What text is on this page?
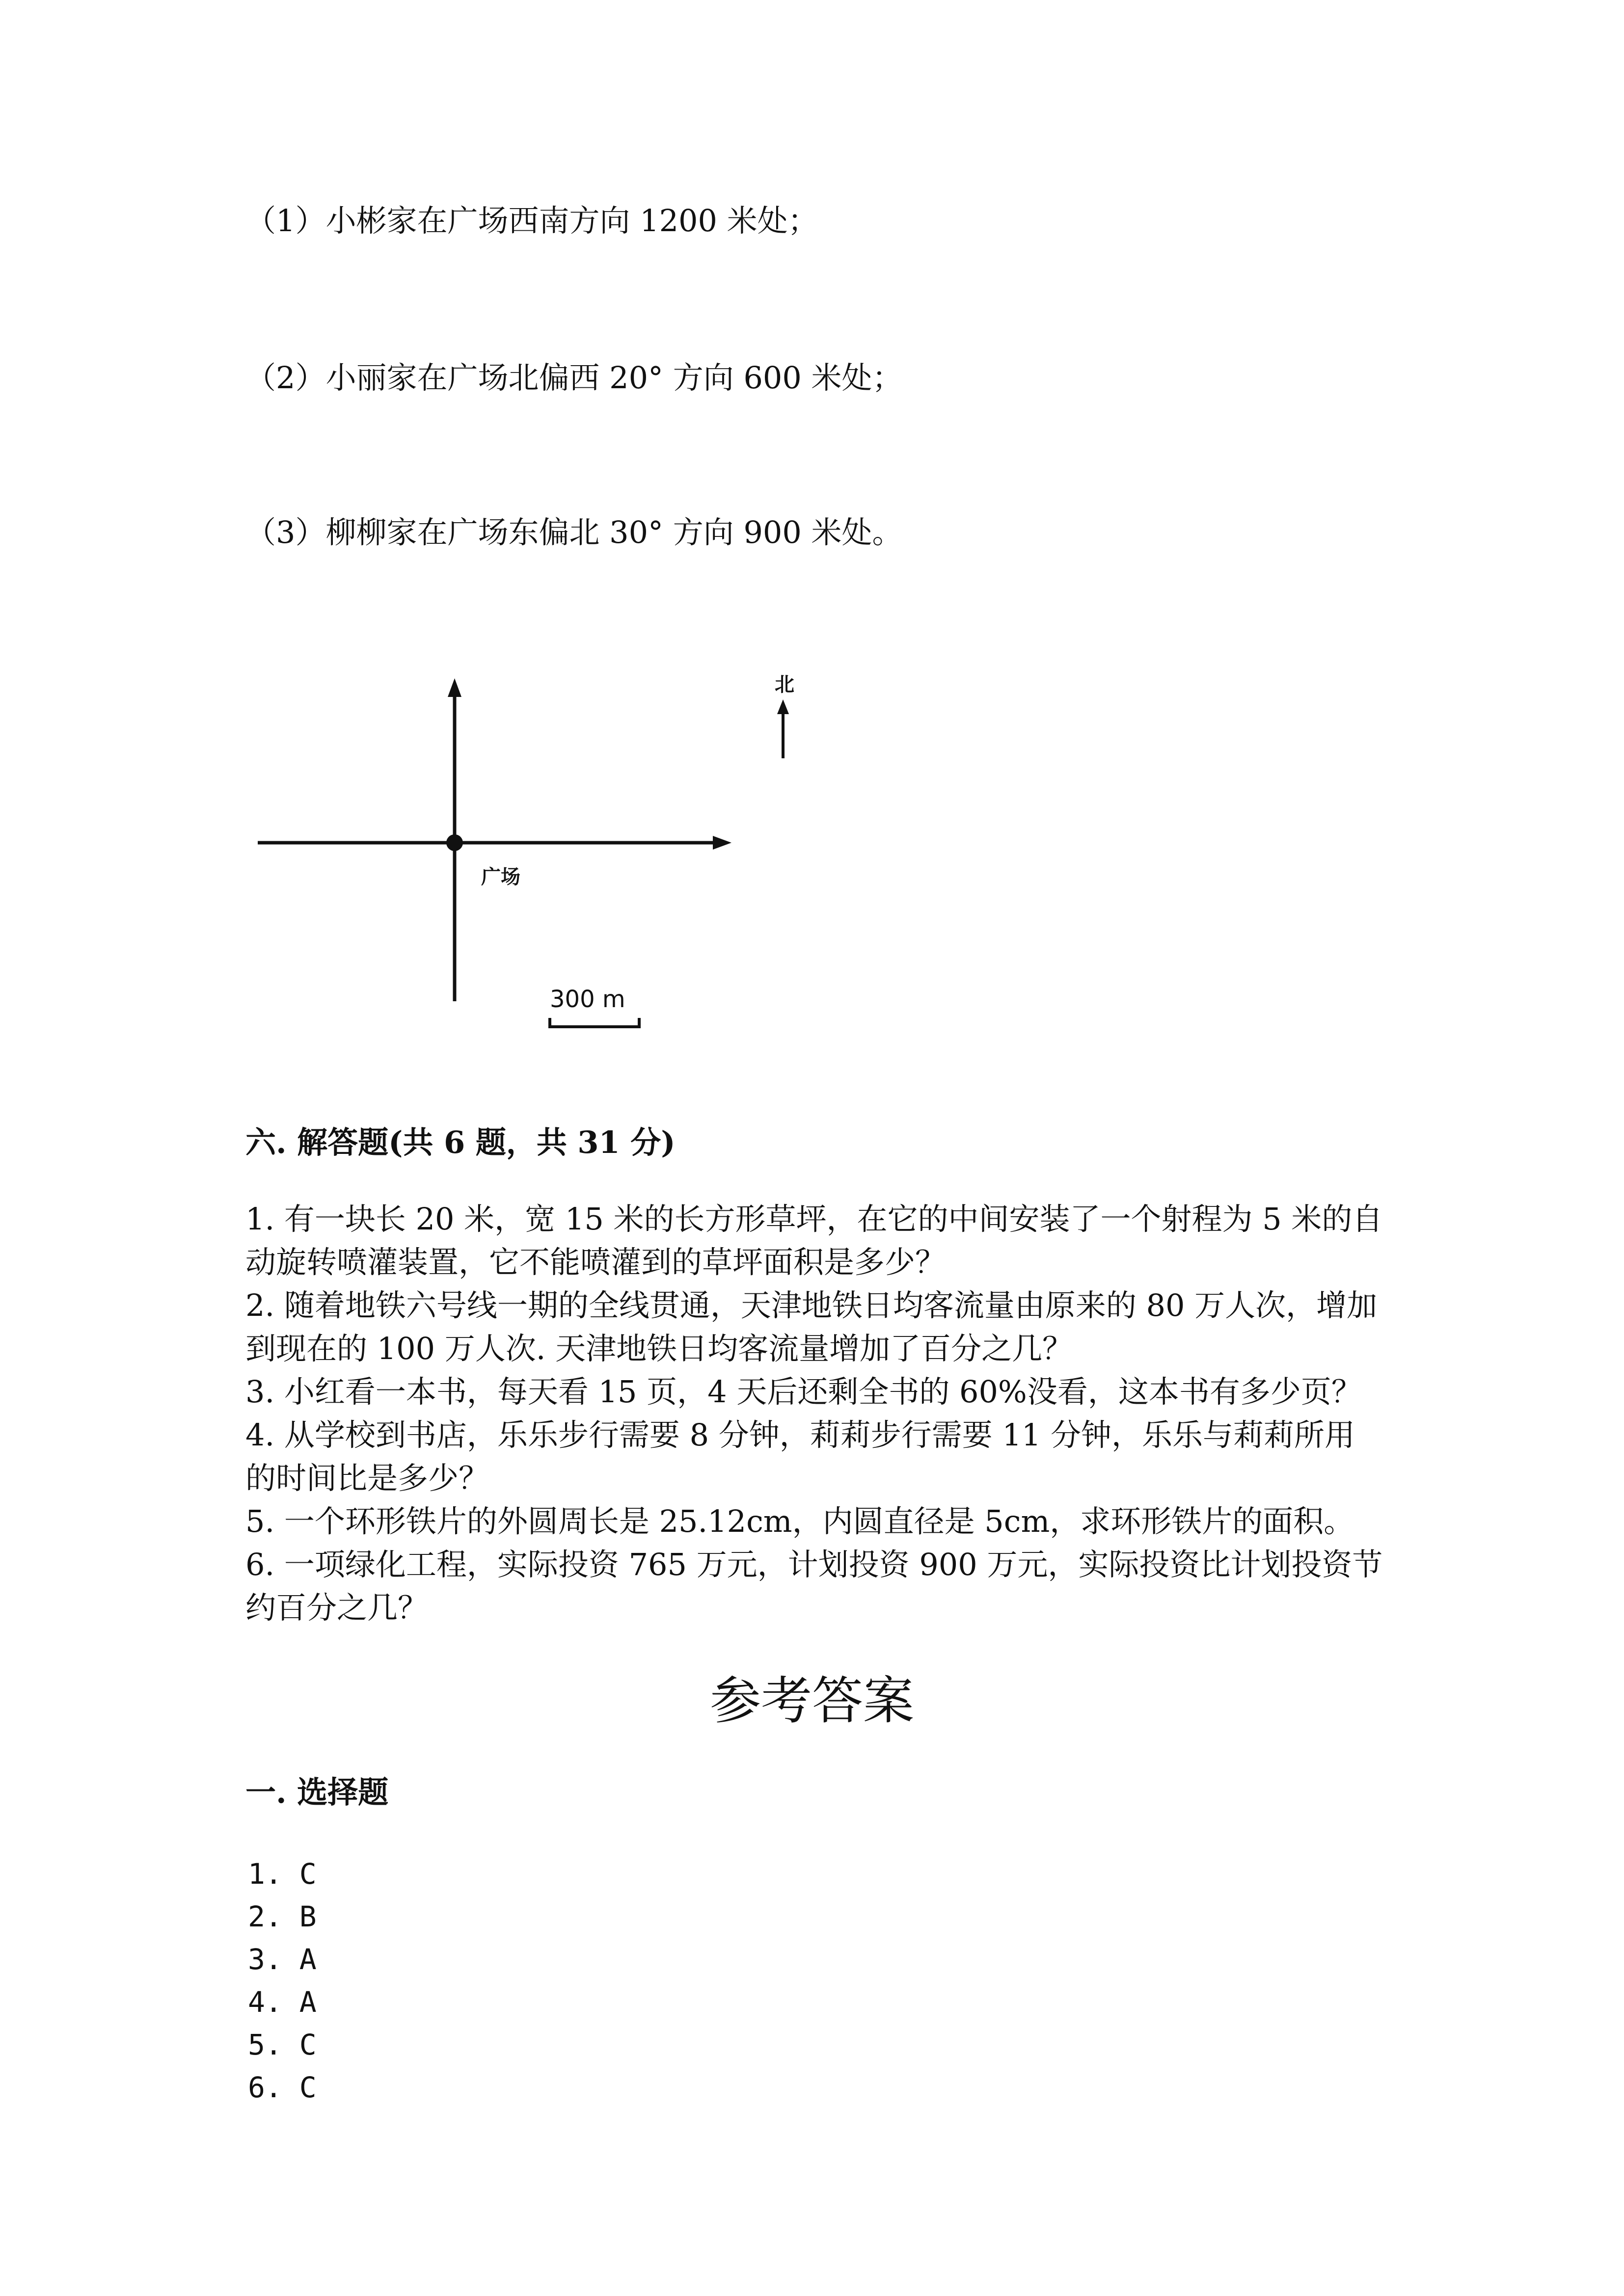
（1）小彬家在广场西南方向 1200 米处；
（2）小丽家在广场北偏西 20° 方向 600 米处；
（3）柳柳家在广场东偏北 30° 方向 900 米处。
广场
北
300 m
六. 解答题(共 6 题，共 31 分)
1. 有一块长 20 米，宽 15 米的长方形草坪，在它的中间安装了一个射程为 5 米的自动旋转喷灌装置，它不能喷灌到的草坪面积是多少？
2. 随着地铁六号线一期的全线贯通，天津地铁日均客流量由原来的 80 万人次，增加到现在的 100 万人次. 天津地铁日均客流量增加了百分之几？
3. 小红看一本书，每天看 15 页，4 天后还剩全书的 60%没看，这本书有多少页？
4. 从学校到书店，乐乐步行需要 8 分钟，莉莉步行需要 11 分钟，乐乐与莉莉所用的时间比是多少？
5. 一个环形铁片的外圆周长是 25.12cm，内圆直径是 5cm，求环形铁片的面积。
6. 一项绿化工程，实际投资 765 万元，计划投资 900 万元，实际投资比计划投资节约百分之几？
参考答案
一. 选择题
1. C
2. B
3. A
4. A
5. C
6. C
